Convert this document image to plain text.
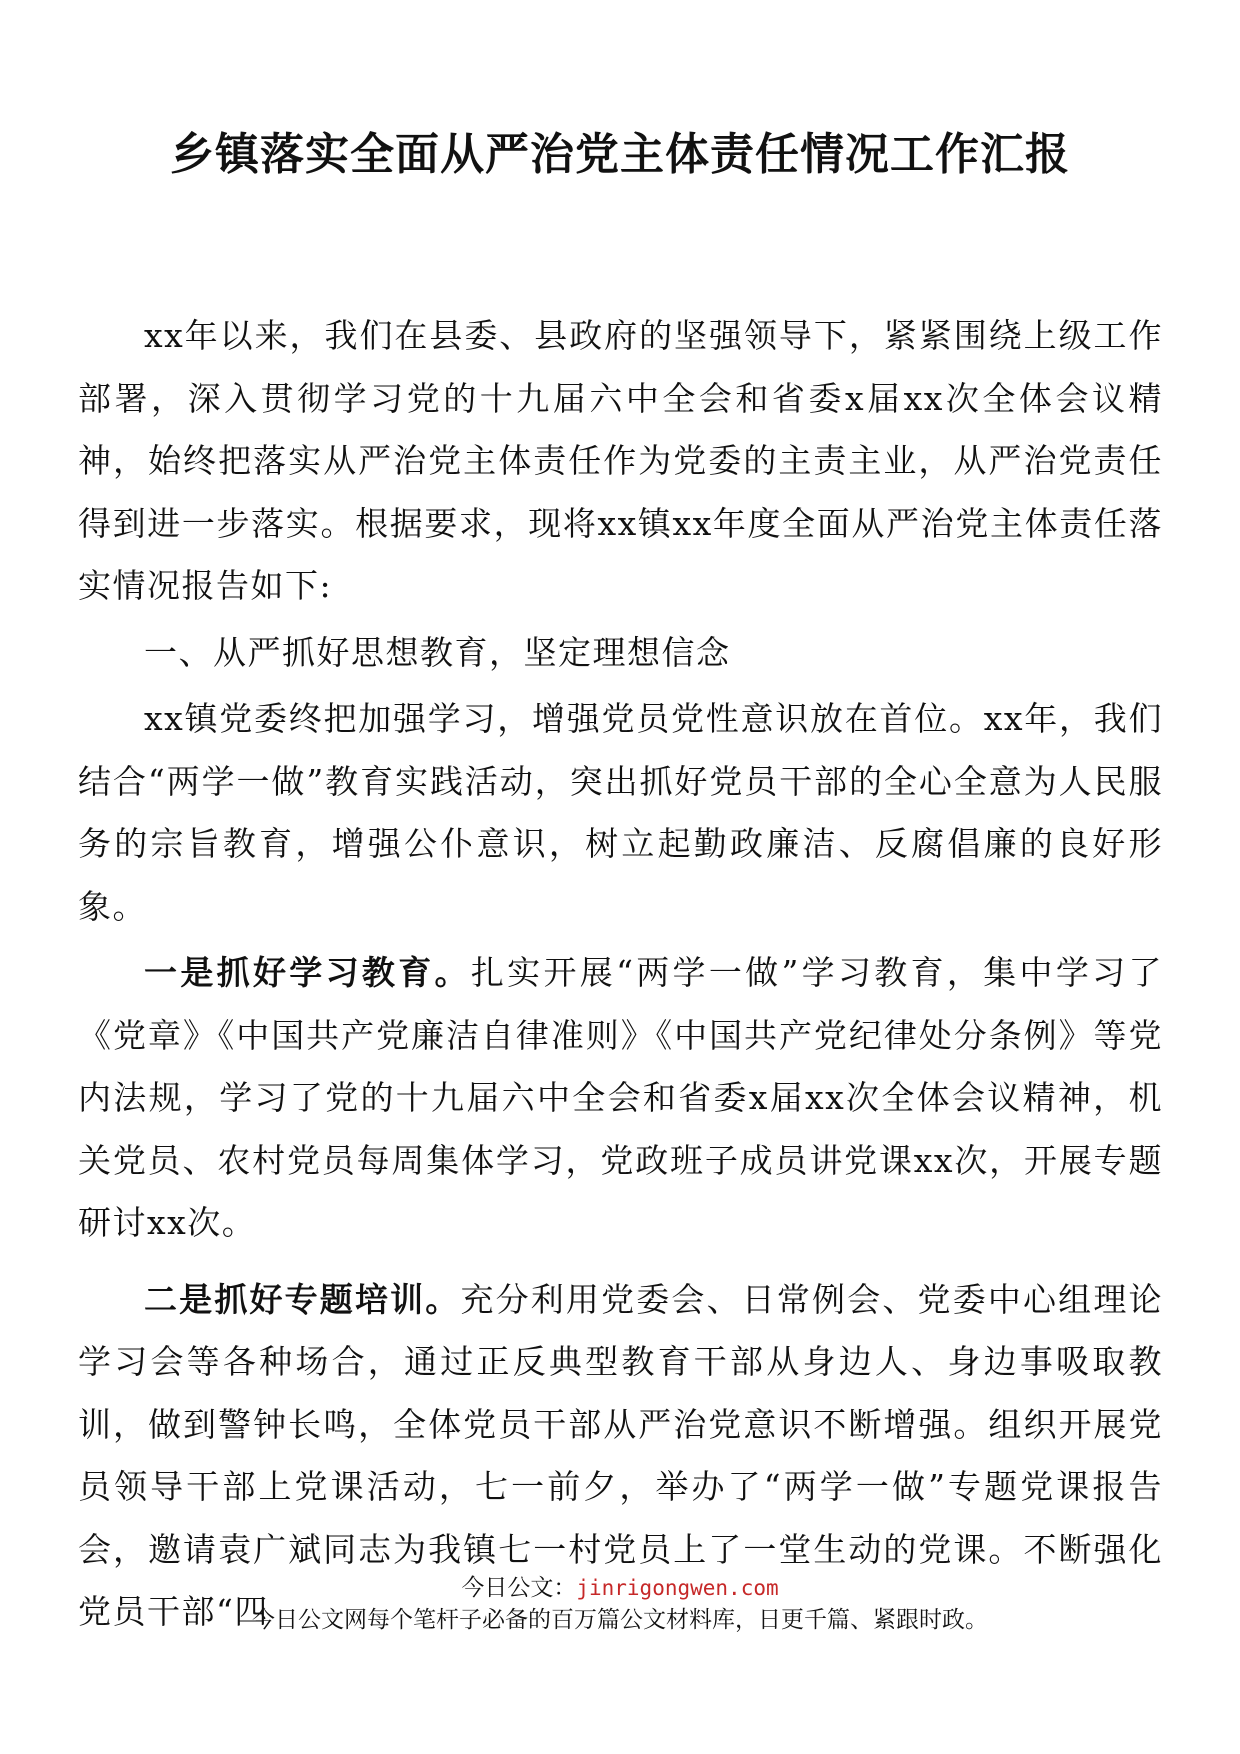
乡镇落实全面从严治党主体责任情况工作汇报

xx年以来，我们在县委、县政府的坚强领导下，紧紧围绕上级工作部署，深入贯彻学习党的十九届六中全会和省委x届xx次全体会议精神，始终把落实从严治党主体责任作为党委的主责主业，从严治党责任得到进一步落实。根据要求，现将xx镇xx年度全面从严治党主体责任落实情况报告如下:

一、从严抓好思想教育，坚定理想信念

xx镇党委终把加强学习，增强党员党性意识放在首位。xx年，我们结合“两学一做”教育实践活动，突出抓好党员干部的全心全意为人民服务的宗旨教育，增强公仆意识，树立起勤政廉洁、反腐倡廉的良好形象。

一是抓好学习教育。扎实开展“两学一做”学习教育，集中学习了《党章》《中国共产党廉洁自律准则》《中国共产党纪律处分条例》等党内法规，学习了党的十九届六中全会和省委x届xx次全体会议精神，机关党员、农村党员每周集体学习，党政班子成员讲党课xx次，开展专题研讨xx次。

二是抓好专题培训。充分利用党委会、日常例会、党委中心组理论学习会等各种场合，通过正反典型教育干部从身边人、身边事吸取教训，做到警钟长鸣，全体党员干部从严治党意识不断增强。组织开展党员领导干部上党课活动，七一前夕，举办了“两学一做”专题党课报告会，邀请袁广斌同志为我镇七一村党员上了一堂生动的党课。不断强化党员干部“四

今日公文：jinrigongwen.com
今日公文网每个笔杆子必备的百万篇公文材料库，日更千篇、紧跟时政。
